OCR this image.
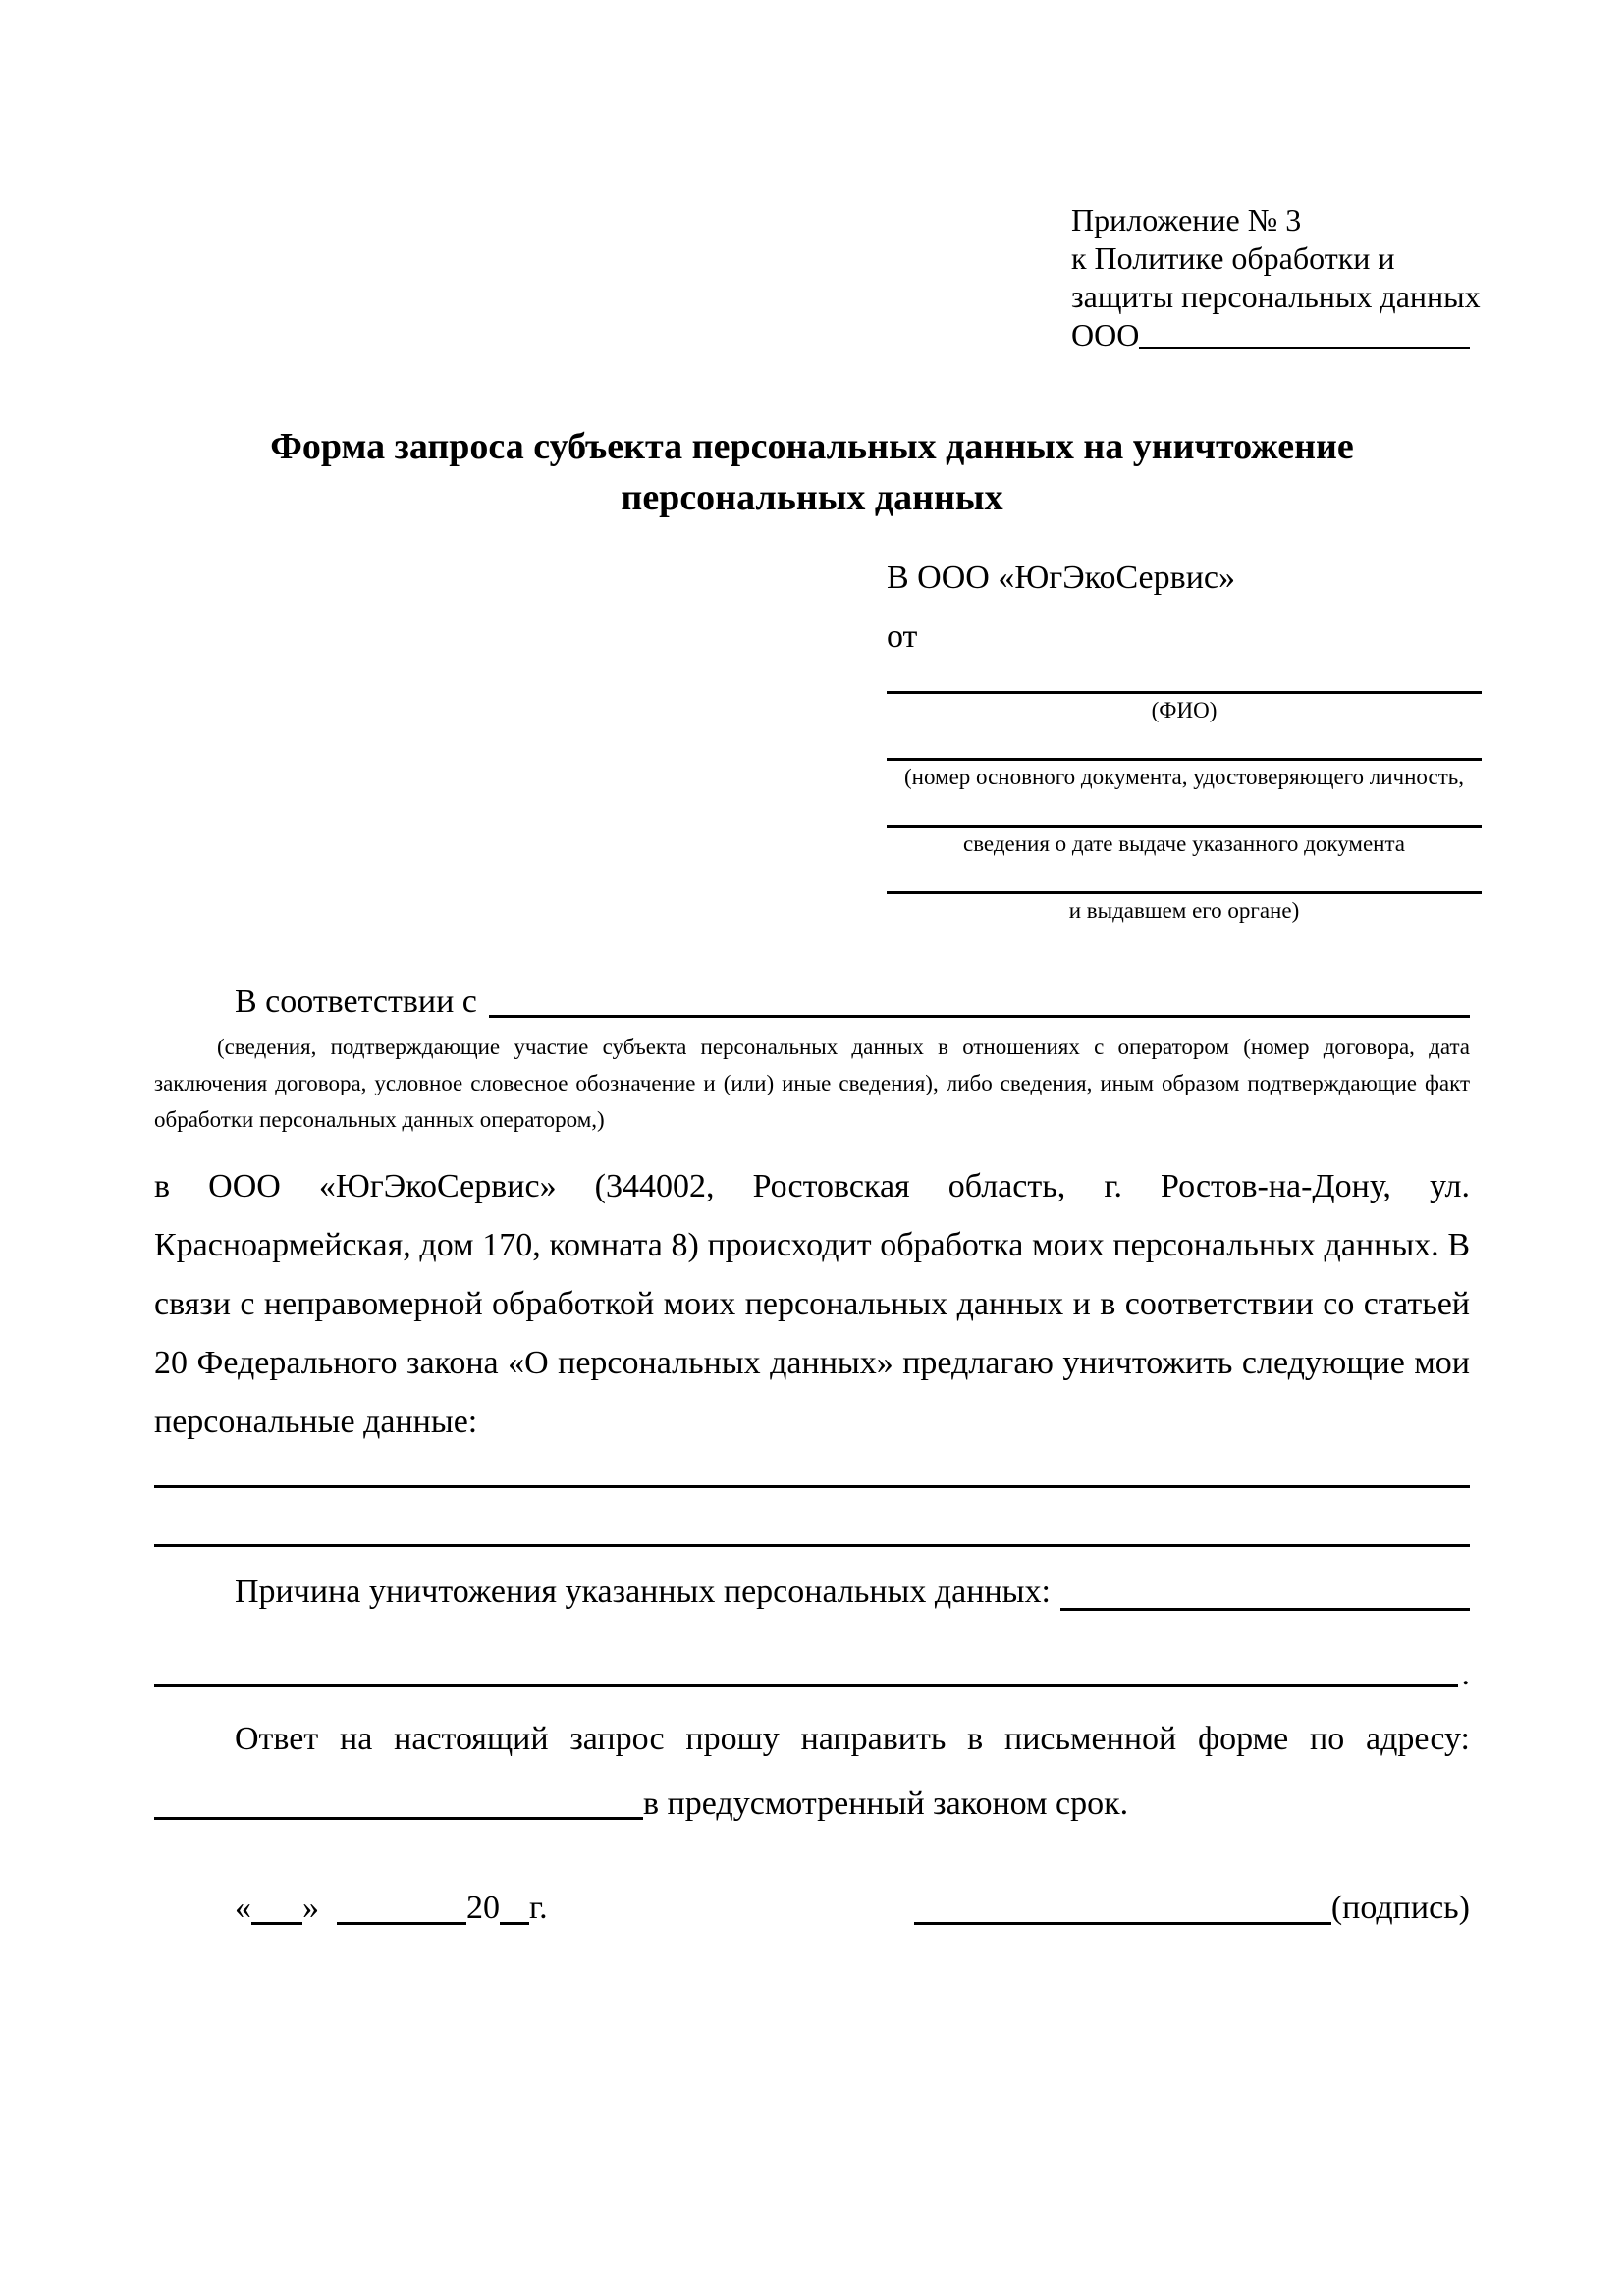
Приложение № 3
к Политике обработки и
защиты персональных данных
ООО
Форма запроса субъекта персональных данных на уничтожение персональных данных
В ООО «ЮгЭкоСервис»
от
(ФИО)
(номер основного документа, удостоверяющего личность,
сведения о дате выдаче указанного документа
и выдавшем его органе)
В соответствии с
(сведения, подтверждающие участие субъекта персональных данных в отношениях с оператором (номер договора, дата заключения договора, условное словесное обозначение и (или) иные сведения), либо сведения, иным образом подтверждающие факт обработки персональных данных оператором,)
в ООО «ЮгЭкоСервис» (344002, Ростовская область, г. Ростов-на-Дону, ул. Красноармейская, дом 170, комната 8) происходит обработка моих персональных данных. В связи с неправомерной обработкой моих персональных данных и в соответствии со статьей 20 Федерального закона «О персональных данных» предлагаю уничтожить следующие мои персональные данные:
Причина уничтожения указанных персональных данных:
.
Ответ на настоящий запрос прошу направить в письменной форме по адресу:
в предусмотренный законом срок.
« »	20 г.	(подпись)
